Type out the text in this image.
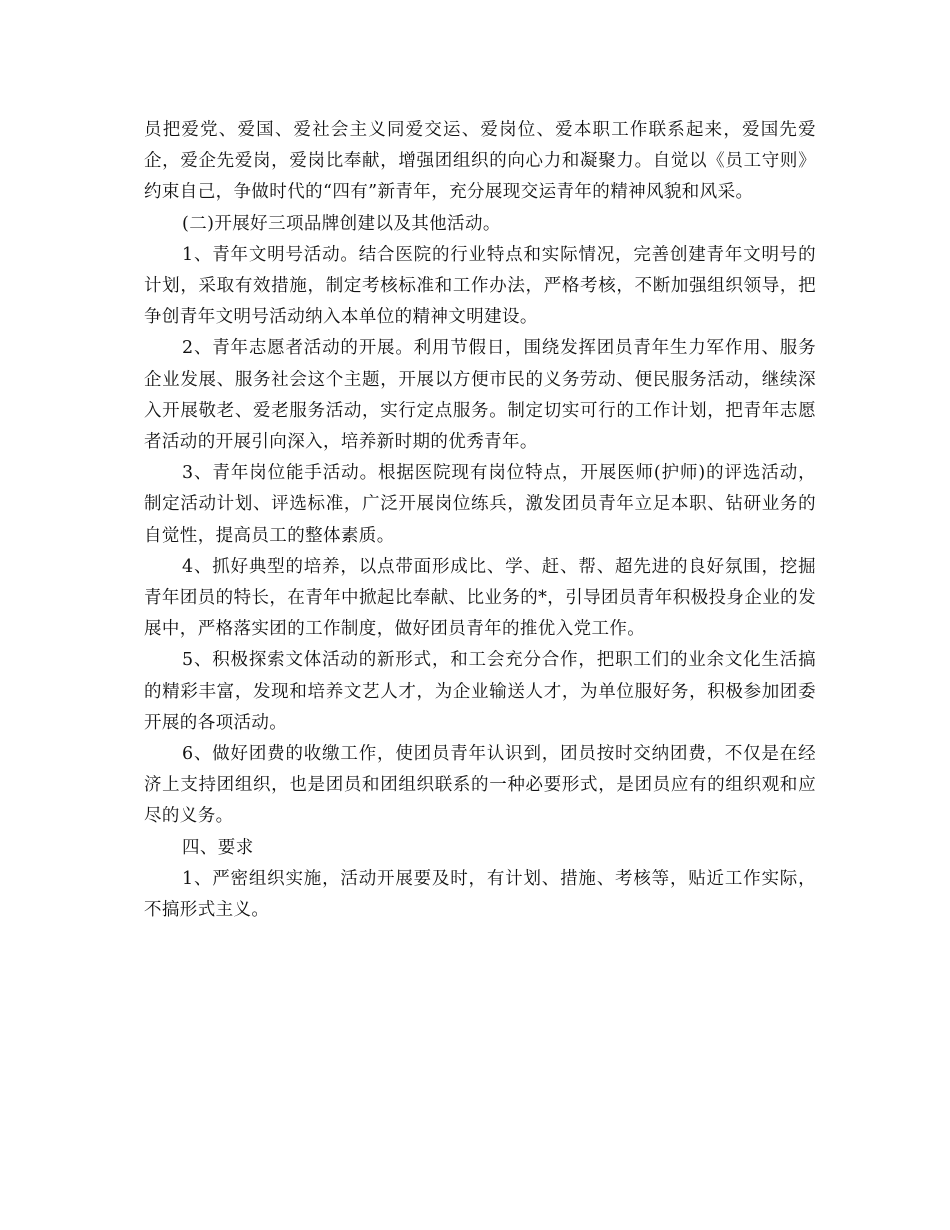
员把爱党、爱国、爱社会主义同爱交运、爱岗位、爱本职工作联系起来，爱国先爱企，爱企先爱岗，爱岗比奉献，增强团组织的向心力和凝聚力。自觉以《员工守则》约束自己，争做时代的“四有”新青年，充分展现交运青年的精神风貌和风采。

(二)开展好三项品牌创建以及其他活动。

1、青年文明号活动。结合医院的行业特点和实际情况，完善创建青年文明号的计划，采取有效措施，制定考核标准和工作办法，严格考核，不断加强组织领导，把争创青年文明号活动纳入本单位的精神文明建设。

2、青年志愿者活动的开展。利用节假日，围绕发挥团员青年生力军作用、服务企业发展、服务社会这个主题，开展以方便市民的义务劳动、便民服务活动，继续深入开展敬老、爱老服务活动，实行定点服务。制定切实可行的工作计划，把青年志愿者活动的开展引向深入，培养新时期的优秀青年。

3、青年岗位能手活动。根据医院现有岗位特点，开展医师(护师)的评选活动，制定活动计划、评选标准，广泛开展岗位练兵，激发团员青年立足本职、钻研业务的自觉性，提高员工的整体素质。

4、抓好典型的培养，以点带面形成比、学、赶、帮、超先进的良好氛围，挖掘青年团员的特长，在青年中掀起比奉献、比业务的*，引导团员青年积极投身企业的发展中，严格落实团的工作制度，做好团员青年的推优入党工作。

5、积极探索文体活动的新形式，和工会充分合作，把职工们的业余文化生活搞的精彩丰富，发现和培养文艺人才，为企业输送人才，为单位服好务，积极参加团委开展的各项活动。

6、做好团费的收缴工作，使团员青年认识到，团员按时交纳团费，不仅是在经济上支持团组织，也是团员和团组织联系的一种必要形式，是团员应有的组织观和应尽的义务。

四、要求

1、严密组织实施，活动开展要及时，有计划、措施、考核等，贴近工作实际，不搞形式主义。
